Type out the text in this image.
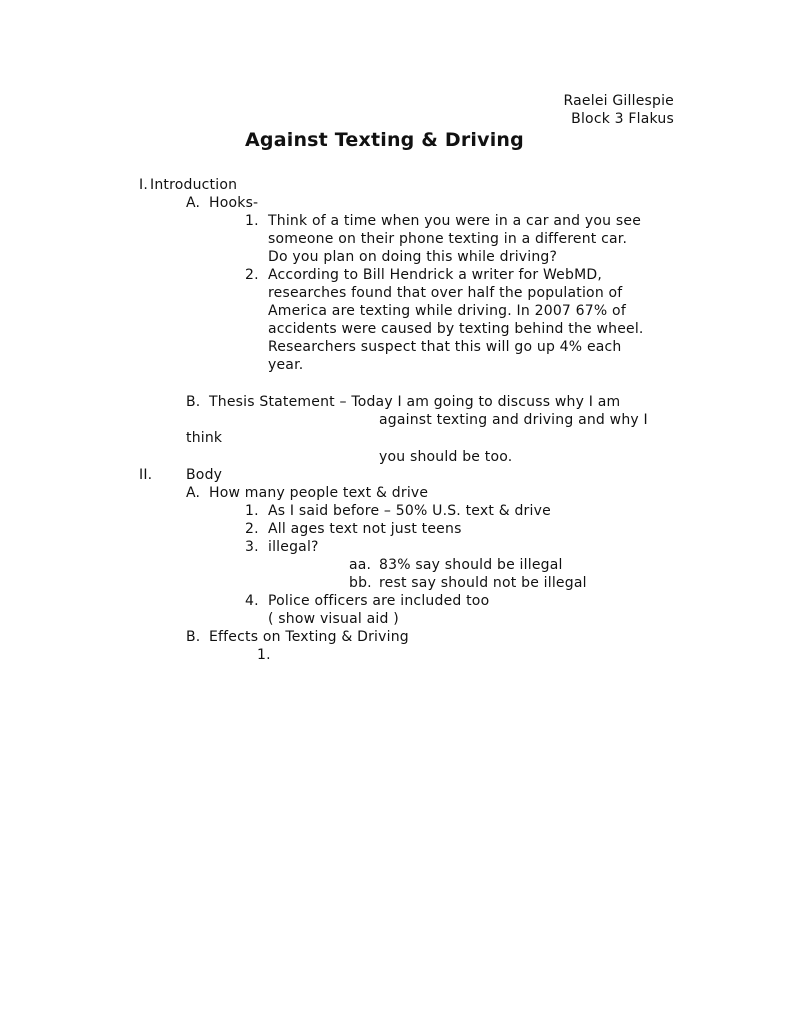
Raelei Gillespie
Block 3 Flakus
Against Texting & Driving
I. Introduction
A. Hooks-
1. Think of a time when you were in a car and you see
someone on their phone texting in a different car.
Do you plan on doing this while driving?
2. According to Bill Hendrick a writer for WebMD,
researches found that over half the population of
America are texting while driving. In 2007 67% of
accidents were caused by texting behind the wheel.
Researchers suspect that this will go up 4% each
year.
B. Thesis Statement – Today I am going to discuss why I am
against texting and driving and why I
think
you should be too.
II. Body
A. How many people text & drive
1. As I said before – 50% U.S. text & drive
2. All ages text not just teens
3. illegal?
aa. 83% say should be illegal
bb. rest say should not be illegal
4. Police officers are included too
( show visual aid )
B. Effects on Texting & Driving
1.
